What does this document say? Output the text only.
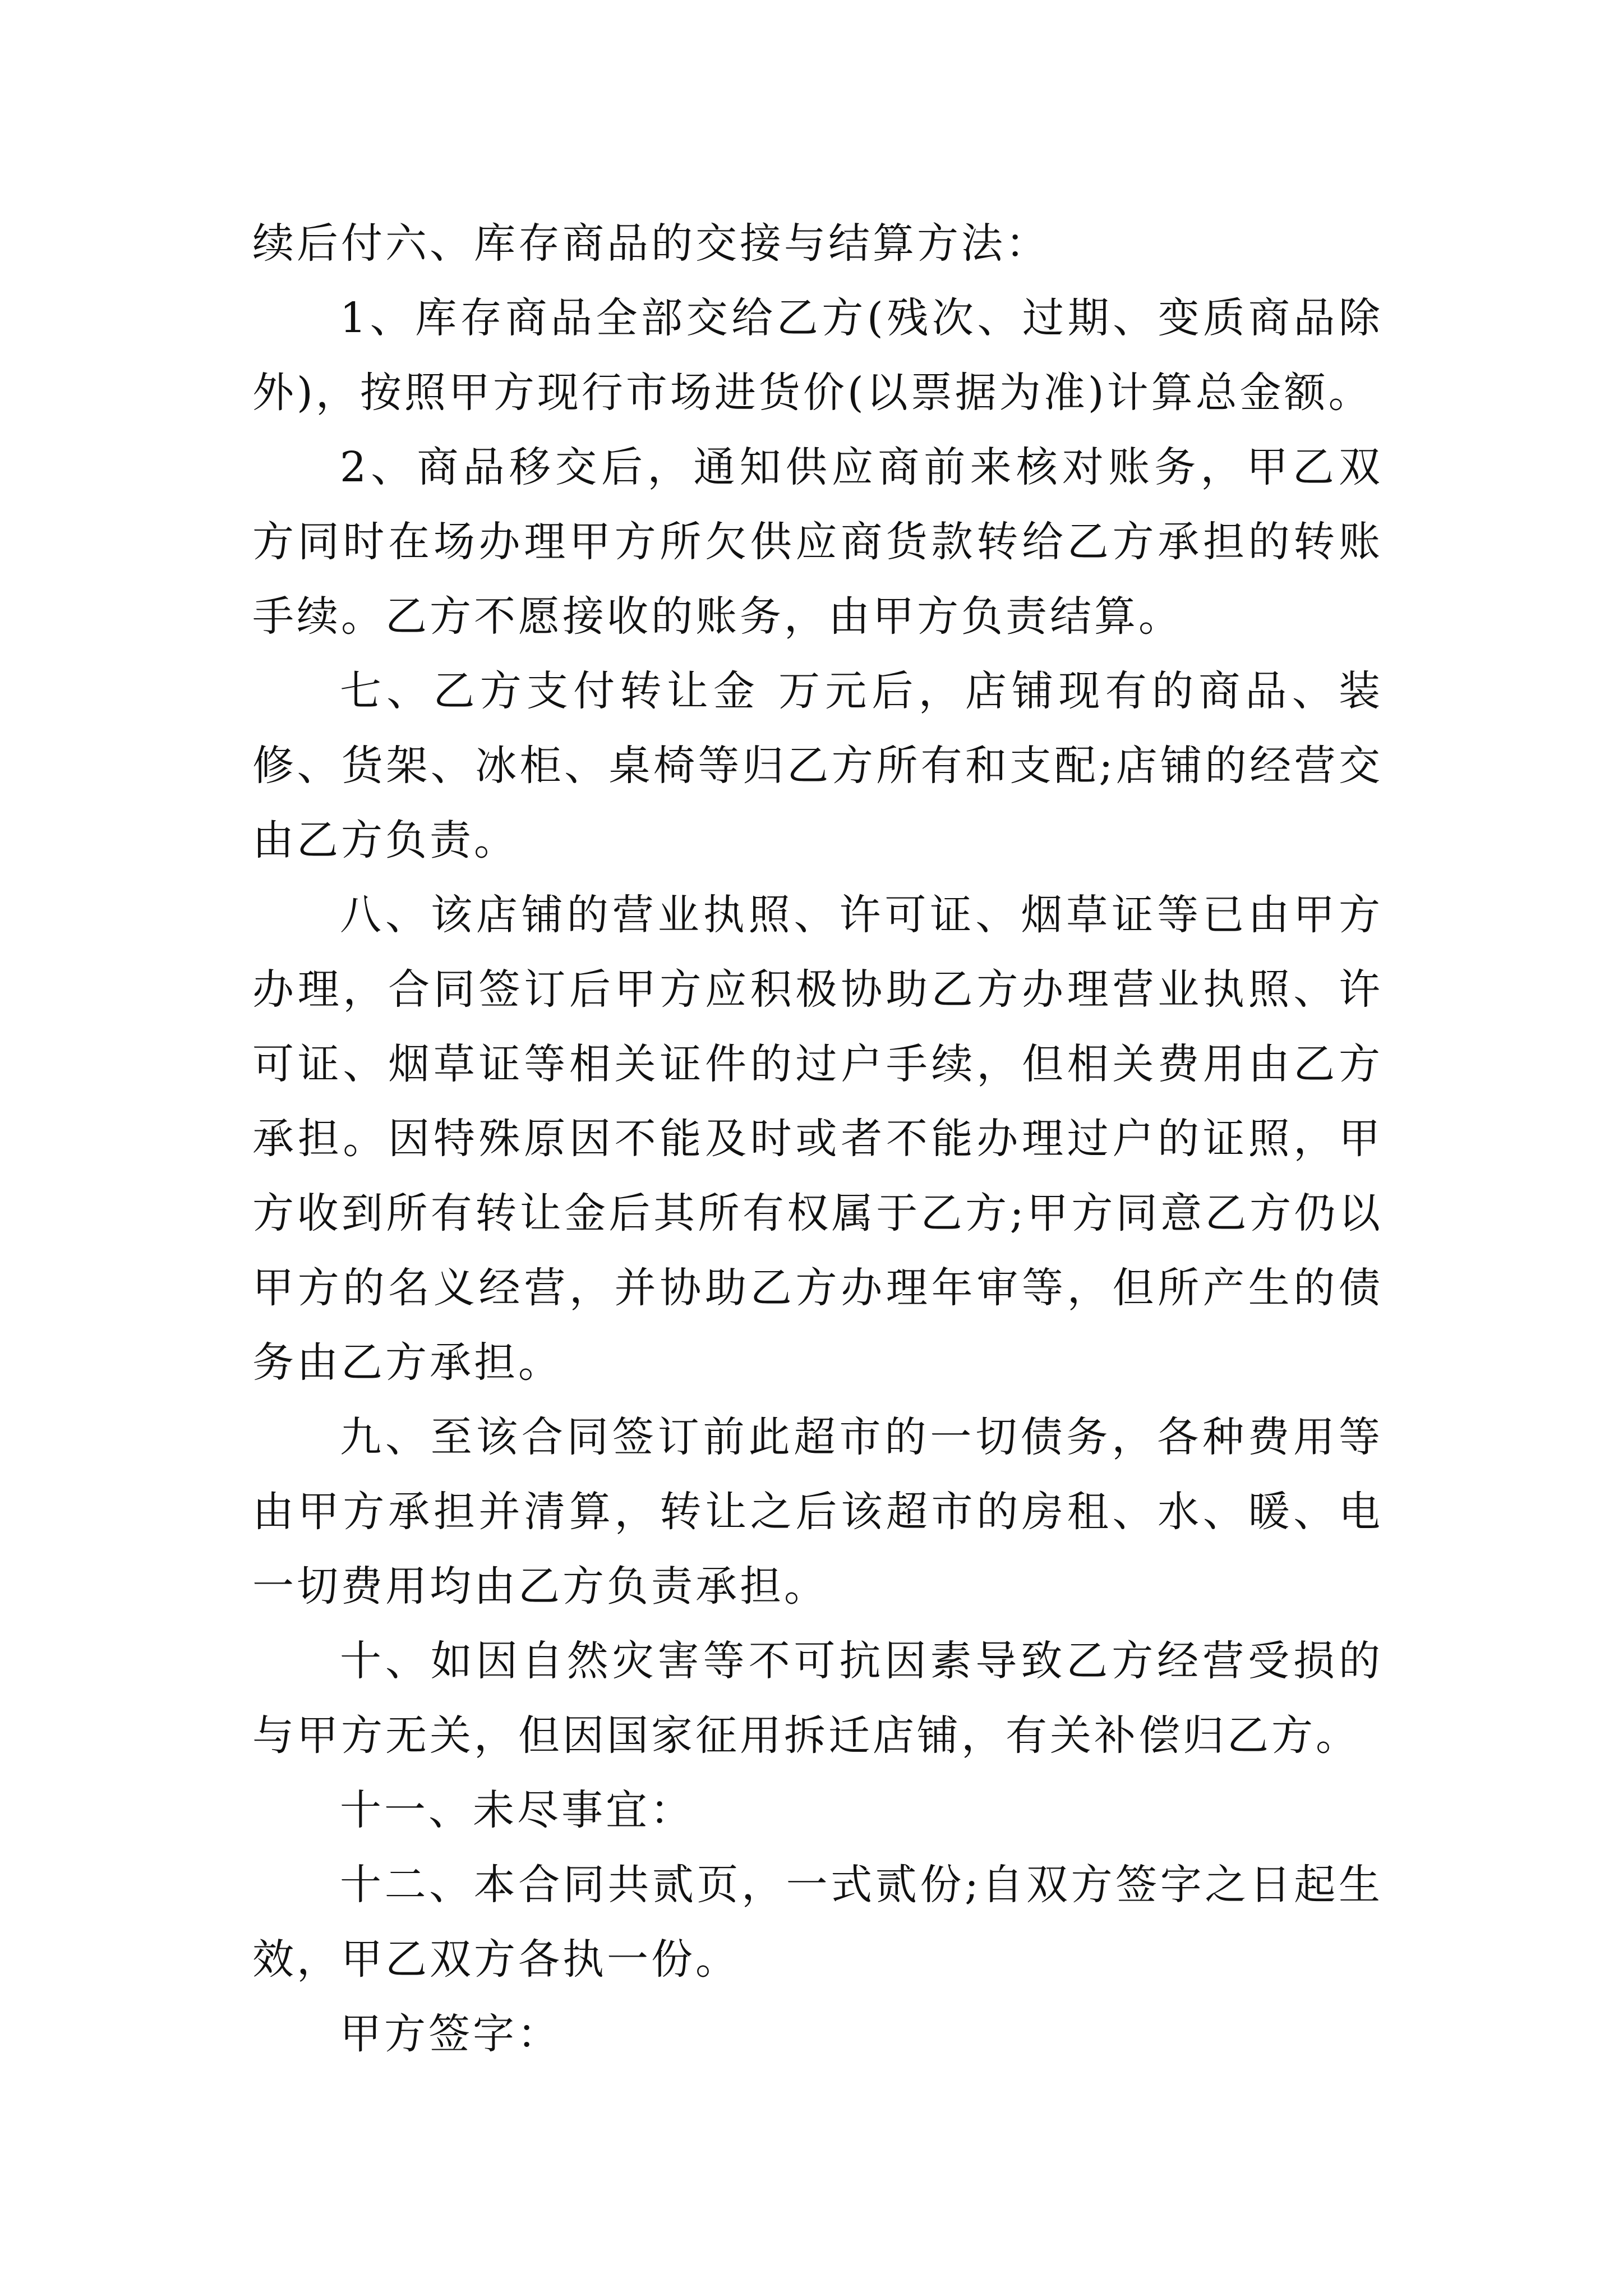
续后付六、库存商品的交接与结算方法：

1、库存商品全部交给乙方(残次、过期、变质商品除外)，按照甲方现行市场进货价(以票据为准)计算总金额。

2、商品移交后，通知供应商前来核对账务，甲乙双方同时在场办理甲方所欠供应商货款转给乙方承担的转账手续。乙方不愿接收的账务，由甲方负责结算。

七、乙方支付转让金 万元后，店铺现有的商品、装修、货架、冰柜、桌椅等归乙方所有和支配;店铺的经营交由乙方负责。

八、该店铺的营业执照、许可证、烟草证等已由甲方办理，合同签订后甲方应积极协助乙方办理营业执照、许可证、烟草证等相关证件的过户手续，但相关费用由乙方承担。因特殊原因不能及时或者不能办理过户的证照，甲方收到所有转让金后其所有权属于乙方;甲方同意乙方仍以甲方的名义经营，并协助乙方办理年审等，但所产生的债务由乙方承担。

九、至该合同签订前此超市的一切债务，各种费用等由甲方承担并清算，转让之后该超市的房租、水、暖、电一切费用均由乙方负责承担。

十、如因自然灾害等不可抗因素导致乙方经营受损的与甲方无关，但因国家征用拆迁店铺，有关补偿归乙方。

十一、未尽事宜：

十二、本合同共贰页，一式贰份;自双方签字之日起生效，甲乙双方各执一份。

甲方签字：
